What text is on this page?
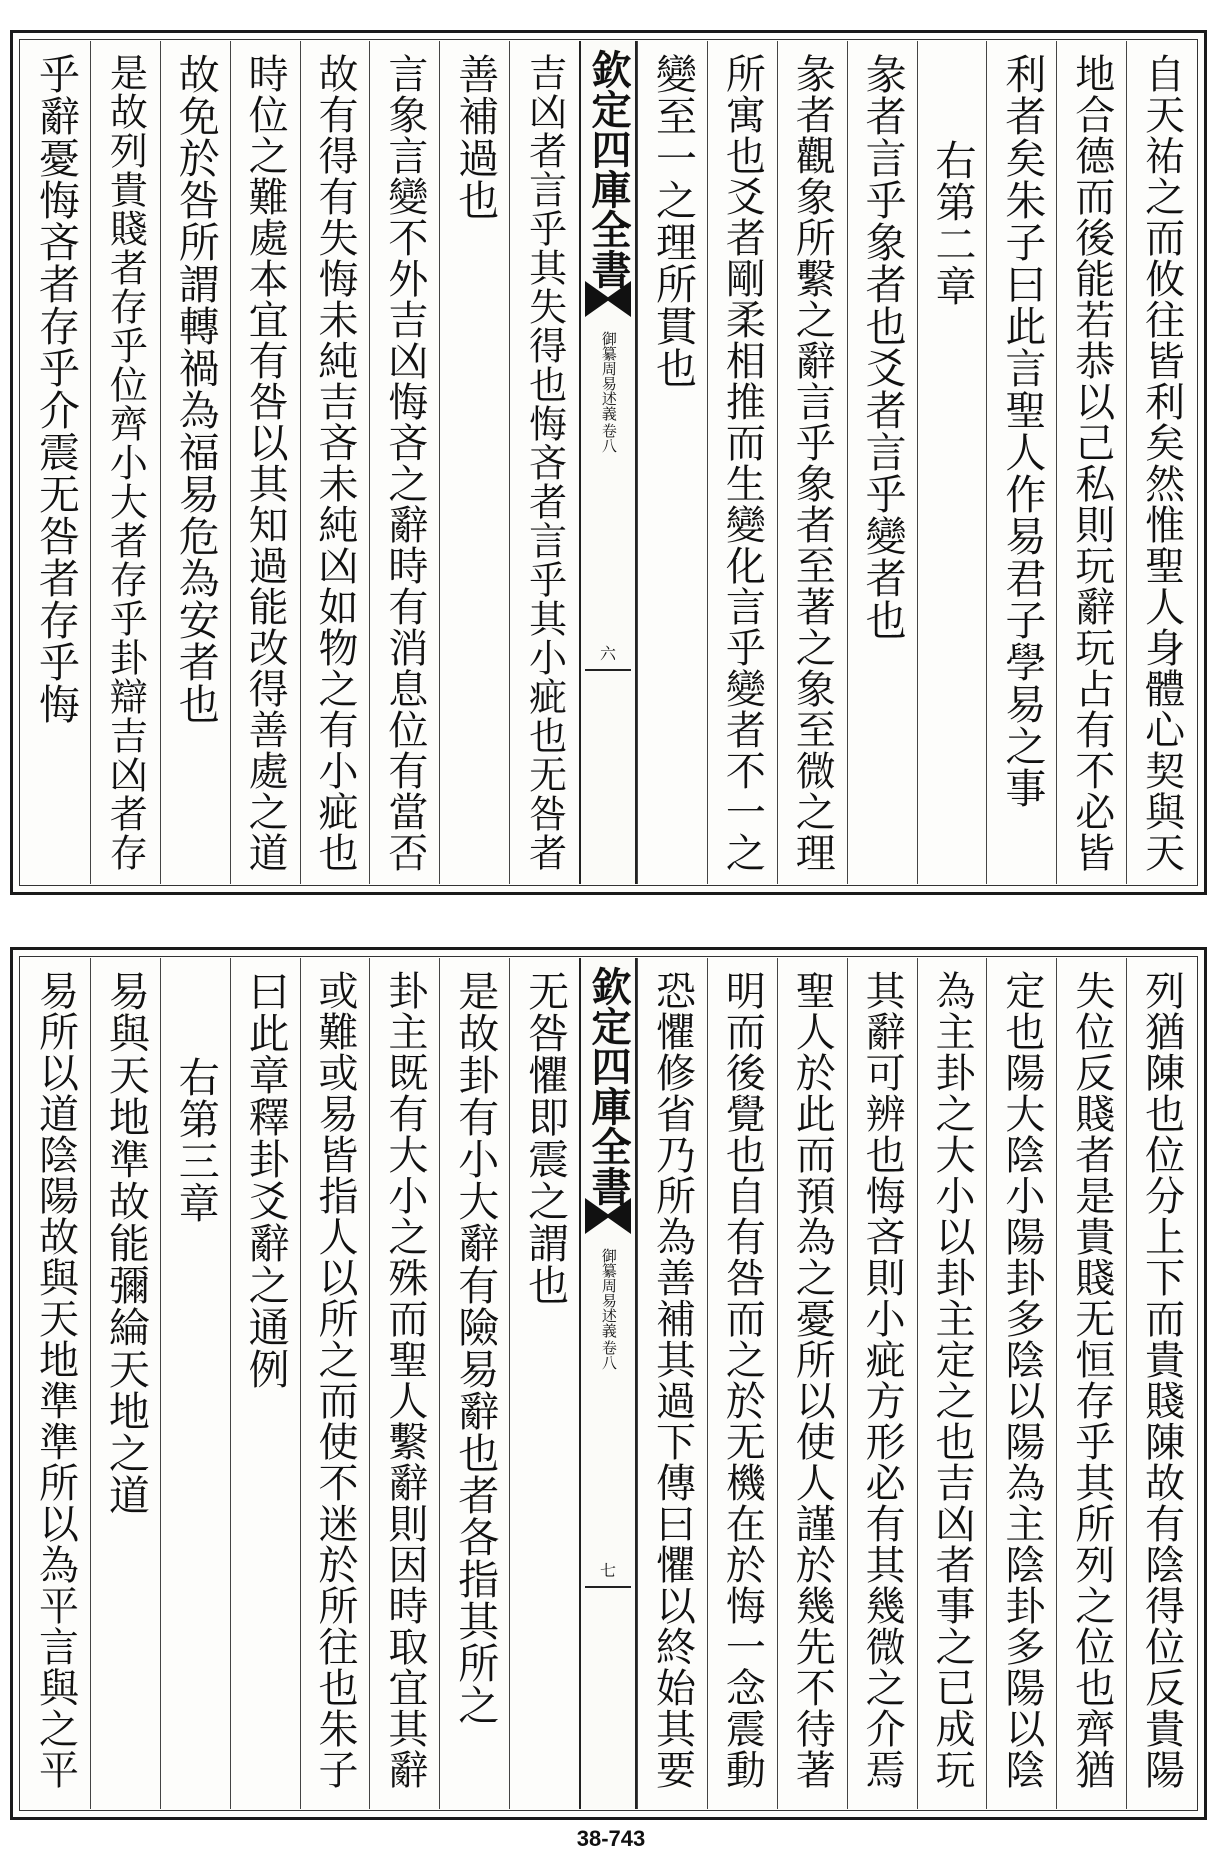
自天祐之而攸往皆利矣然惟聖人身體心契與天
地合德而後能若恭以己私則玩辭玩占有不必皆
利者矣朱子曰此言聖人作易君子學易之事
右第二章
彖者言乎象者也爻者言乎變者也
彖者觀象所繫之辭言乎象者至著之象至微之理
所寓也爻者剛柔相推而生變化言乎變者不一之
變至一之理所貫也
欽定四庫全書
御纂周易述義
卷八
六
吉凶者言乎其失得也悔吝者言乎其小疵也无咎者
善補過也
言象言變不外吉凶悔吝之辭時有消息位有當否
故有得有失悔未純吉吝未純凶如物之有小疵也
時位之難處本宜有咎以其知過能改得善處之道
故免於咎所謂轉禍為福易危為安者也
是故列貴賤者存乎位齊小大者存乎卦辯吉凶者存
乎辭憂悔吝者存乎介震无咎者存乎悔
列猶陳也位分上下而貴賤陳故有陰得位反貴陽
失位反賤者是貴賤无恒存乎其所列之位也齊猶
定也陽大陰小陽卦多陰以陽為主陰卦多陽以陰
為主卦之大小以卦主定之也吉凶者事之已成玩
其辭可辨也悔吝則小疵方形必有其幾微之介焉
聖人於此而預為之憂所以使人謹於幾先不待著
明而後覺也自有咎而之於无機在於悔一念震動
恐懼修省乃所為善補其過下傳曰懼以終始其要
欽定四庫全書
御纂周易述義
卷八
七
无咎懼即震之謂也
是故卦有小大辭有險易辭也者各指其所之
卦主既有大小之殊而聖人繫辭則因時取宜其辭
或難或易皆指人以所之而使不迷於所往也朱子
曰此章釋卦爻辭之通例
右第三章
易與天地準故能彌綸天地之道
易所以道陰陽故與天地準準所以為平言與之平
38-743
